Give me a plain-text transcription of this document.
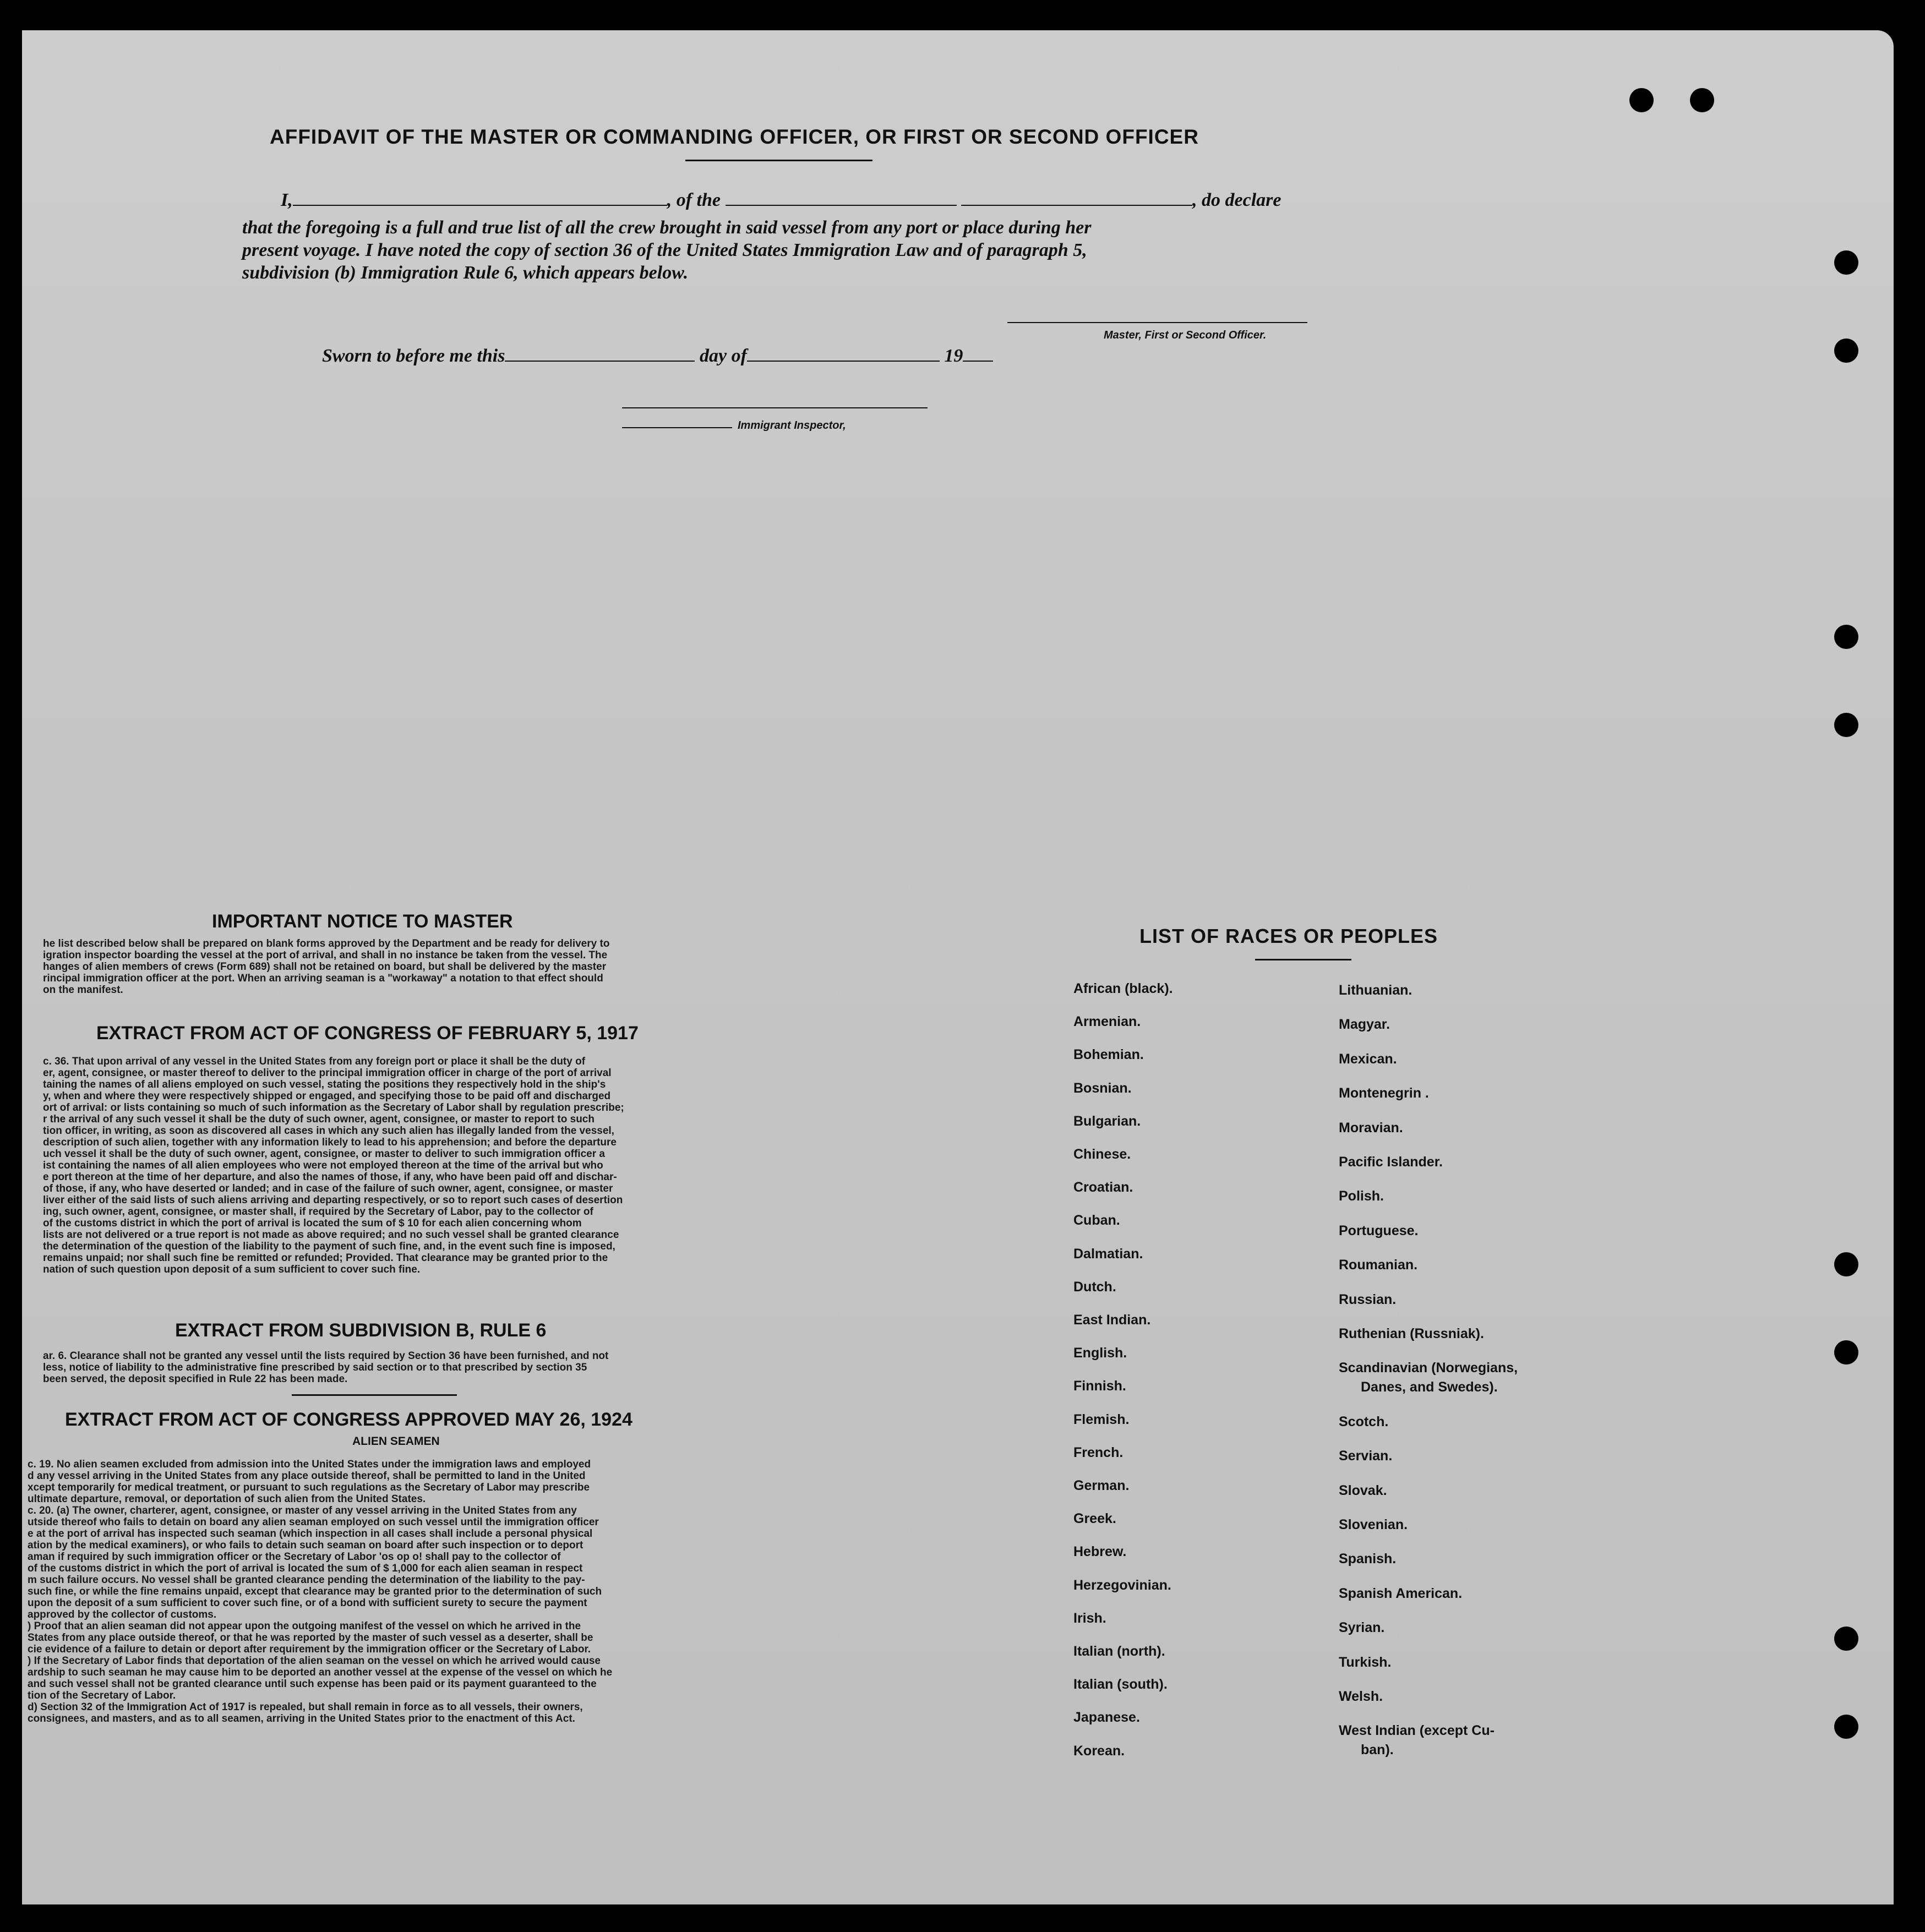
AFFIDAVIT OF THE MASTER OR COMMANDING OFFICER, OR FIRST OR SECOND OFFICER
I,	, of the	, do declare
that the foregoing is a full and true list of all the crew brought in said vessel from any port or place during her
present voyage. I have noted the copy of section 36 of the United States Immigration Law and of paragraph 5,
subdivision (b) Immigration Rule 6, which appears below.
Master, First or Second Officer.
Sworn to before me this	day of	19
Immigrant Inspector,
IMPORTANT NOTICE TO MASTER

he list described below shall be prepared on blank forms approved by the Department and be ready for delivery to

igration inspector boarding the vessel at the port of arrival, and shall in no instance be taken from the vessel. The

hanges of alien members of crews (Form 689) shall not be retained on board, but shall be delivered by the master

rincipal immigration officer at the port. When an arriving seaman is a "workaway" a notation to that effect should

on the manifest.

EXTRACT FROM ACT OF CONGRESS OF FEBRUARY 5, 1917

c. 36. That upon arrival of any vessel in the United States from any foreign port or place it shall be the duty of

er, agent, consignee, or master thereof to deliver to the principal immigration officer in charge of the port of arrival

taining the names of all aliens employed on such vessel, stating the positions they respectively hold in the ship's

y, when and where they were respectively shipped or engaged, and specifying those to be paid off and discharged

ort of arrival: or lists containing so much of such information as the Secretary of Labor shall by regulation prescribe;

r the arrival of any such vessel it shall be the duty of such owner, agent, consignee, or master to report to such

tion officer, in writing, as soon as discovered all cases in which any such alien has illegally landed from the vessel,

description of such alien, together with any information likely to lead to his apprehension; and before the departure

uch vessel it shall be the duty of such owner, agent, consignee, or master to deliver to such immigration officer a

ist containing the names of all alien employees who were not employed thereon at the time of the arrival but who

e port thereon at the time of her departure, and also the names of those, if any, who have been paid off and dischar-

of those, if any, who have deserted or landed; and in case of the failure of such owner, agent, consignee, or master

liver either of the said lists of such aliens arriving and departing respectively, or so to report such cases of desertion

ing, such owner, agent, consignee, or master shall, if required by the Secretary of Labor, pay to the collector of

of the customs district in which the port of arrival is located the sum of $ 10 for each alien concerning whom

lists are not delivered or a true report is not made as above required; and no such vessel shall be granted clearance

the determination of the question of the liability to the payment of such fine, and, in the event such fine is imposed,

remains unpaid; nor shall such fine be remitted or refunded; Provided. That clearance may be granted prior to the

nation of such question upon deposit of a sum sufficient to cover such fine.

EXTRACT FROM SUBDIVISION B, RULE 6

ar. 6. Clearance shall not be granted any vessel until the lists required by Section 36 have been furnished, and not

less, notice of liability to the administrative fine prescribed by said section or to that prescribed by section 35

been served, the deposit specified in Rule 22 has been made.

EXTRACT FROM ACT OF CONGRESS APPROVED MAY 26, 1924
ALIEN SEAMEN

c. 19. No alien seamen excluded from admission into the United States under the immigration laws and employed

d any vessel arriving in the United States from any place outside thereof, shall be permitted to land in the United

xcept temporarily for medical treatment, or pursuant to such regulations as the Secretary of Labor may prescribe

ultimate departure, removal, or deportation of such alien from the United States.

c. 20. (a) The owner, charterer, agent, consignee, or master of any vessel arriving in the United States from any

utside thereof who fails to detain on board any alien seaman employed on such vessel until the immigration officer

e at the port of arrival has inspected such seaman (which inspection in all cases shall include a personal physical

ation by the medical examiners), or who fails to detain such seaman on board after such inspection or to deport

aman if required by such immigration officer or the Secretary of Labor 'os op o! shall pay to the collector of

of the customs district in which the port of arrival is located the sum of $ 1,000 for each alien seaman in respect

m such failure occurs. No vessel shall be granted clearance pending the determination of the liability to the pay-

such fine, or while the fine remains unpaid, except that clearance may be granted prior to the determination of such

upon the deposit of a sum sufficient to cover such fine, or of a bond with sufficient surety to secure the payment

approved by the collector of customs.

) Proof that an alien seaman did not appear upon the outgoing manifest of the vessel on which he arrived in the

States from any place outside thereof, or that he was reported by the master of such vessel as a deserter, shall be

cie evidence of a failure to detain or deport after requirement by the immigration officer or the Secretary of Labor.

) If the Secretary of Labor finds that deportation of the alien seaman on the vessel on which he arrived would cause

ardship to such seaman he may cause him to be deported an another vessel at the expense of the vessel on which he

and such vessel shall not be granted clearance until such expense has been paid or its payment guaranteed to the

tion of the Secretary of Labor.

d) Section 32 of the Immigration Act of 1917 is repealed, but shall remain in force as to all vessels, their owners,

consignees, and masters, and as to all seamen, arriving in the United States prior to the enactment of this Act.

LIST OF RACES OR PEOPLES
African (black).
Armenian.
Bohemian.
Bosnian.
Bulgarian.
Chinese.
Croatian.
Cuban.
Dalmatian.
Dutch.
East Indian.
English.
Finnish.
Flemish.
French.
German.
Greek.
Hebrew.
Herzegovinian.
Irish.
Italian (north).
Italian (south).
Japanese.
Korean.
Lithuanian.
Magyar.
Mexican.
Montenegrin .
Moravian.
Pacific Islander.
Polish.
Portuguese.
Roumanian.
Russian.
Ruthenian (Russniak).
Scandinavian (Norwegians,
Danes, and Swedes).
Scotch.
Servian.
Slovak.
Slovenian.
Spanish.
Spanish American.
Syrian.
Turkish.
Welsh.
West Indian (except Cu-
ban).
